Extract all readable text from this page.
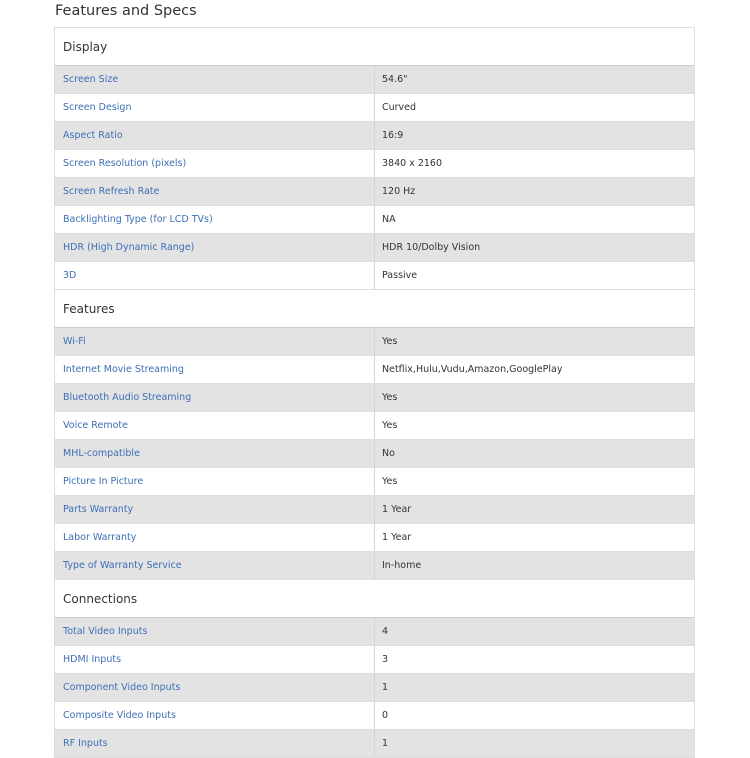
Features and Specs
Display
Screen Size	54.6"
Screen Design	Curved
Aspect Ratio	16:9
Screen Resolution (pixels)	3840 x 2160
Screen Refresh Rate	120 Hz
Backlighting Type (for LCD TVs)	NA
HDR (High Dynamic Range)	HDR 10/Dolby Vision
3D	Passive
Features
Wi-Fi	Yes
Internet Movie Streaming	Netflix,Hulu,Vudu,Amazon,GooglePlay
Bluetooth Audio Streaming	Yes
Voice Remote	Yes
MHL-compatible	No
Picture In Picture	Yes
Parts Warranty	1 Year
Labor Warranty	1 Year
Type of Warranty Service	In-home
Connections
Total Video Inputs	4
HDMI Inputs	3
Component Video Inputs	1
Composite Video Inputs	0
RF Inputs	1
